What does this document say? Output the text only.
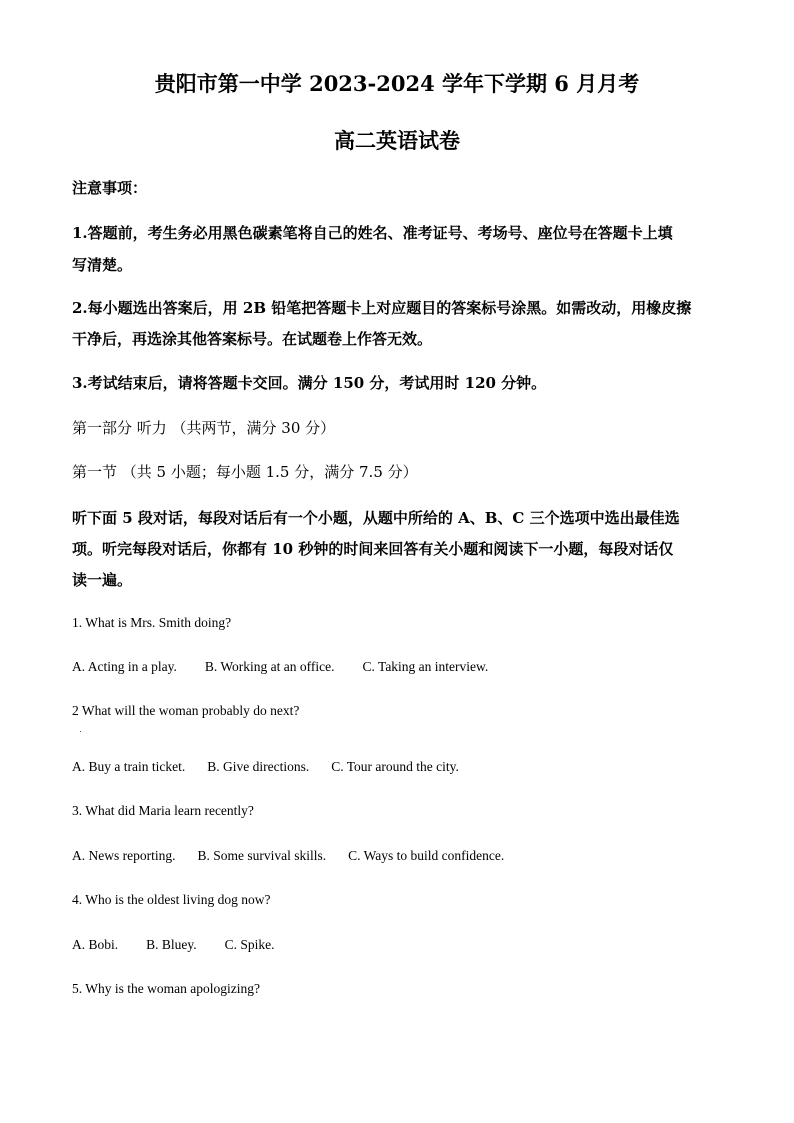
贵阳市第一中学 2023-2024 学年下学期 6 月月考
高二英语试卷
注意事项：
1.答题前，考生务必用黑色碳素笔将自己的姓名、准考证号、考场号、座位号在答题卡上填
写清楚。
2.每小题选出答案后，用 2B 铅笔把答题卡上对应题目的答案标号涂黑。如需改动，用橡皮擦
干净后，再选涂其他答案标号。在试题卷上作答无效。
3.考试结束后，请将答题卡交回。满分 150 分，考试用时 120 分钟。
第一部分 听力 （共两节，满分 30 分）
第一节 （共 5 小题；每小题 1.5 分，满分 7.5 分）
听下面 5 段对话，每段对话后有一个小题，从题中所给的 A、B、C 三个选项中选出最佳选
项。听完每段对话后，你都有 10 秒钟的时间来回答有关小题和阅读下一小题，每段对话仅
读一遍。
1. What is Mrs. Smith doing?
A. Acting in a play. B. Working at an office. C. Taking an interview.
2 What will the woman probably do next?
A. Buy a train ticket. B. Give directions. C. Tour around the city.
3. What did Maria learn recently?
A. News reporting. B. Some survival skills. C. Ways to build confidence.
4. Who is the oldest living dog now?
A. Bobi. B. Bluey. C. Spike.
5. Why is the woman apologizing?
